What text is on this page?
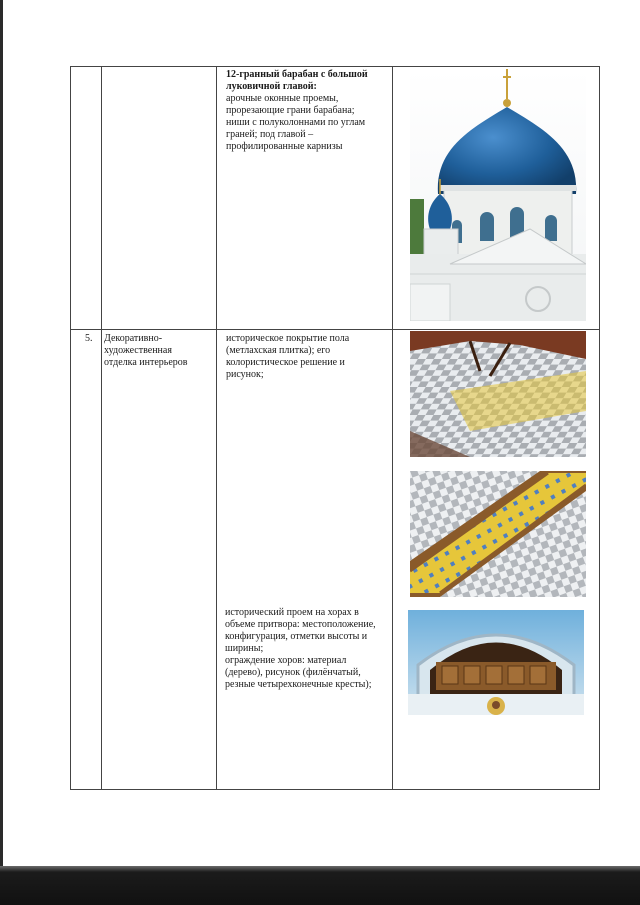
12-гранный барабан с большой луковичной главой:
арочные оконные проемы,
прорезающие грани барабана;
ниши с полуколоннами по углам
граней; под главой –
профилированные карнизы
5. Декоративно-
художественная
отделка интерьеров
историческое покрытие пола
(метлахская плитка); его
колористическое решение и
рисунок;
исторический проем на хорах в
объеме притвора: местоположение,
конфигурация, отметки высоты и
ширины;
ограждение хоров: материал
(дерево), рисунок (филёнчатый,
резные четырехконечные кресты);
